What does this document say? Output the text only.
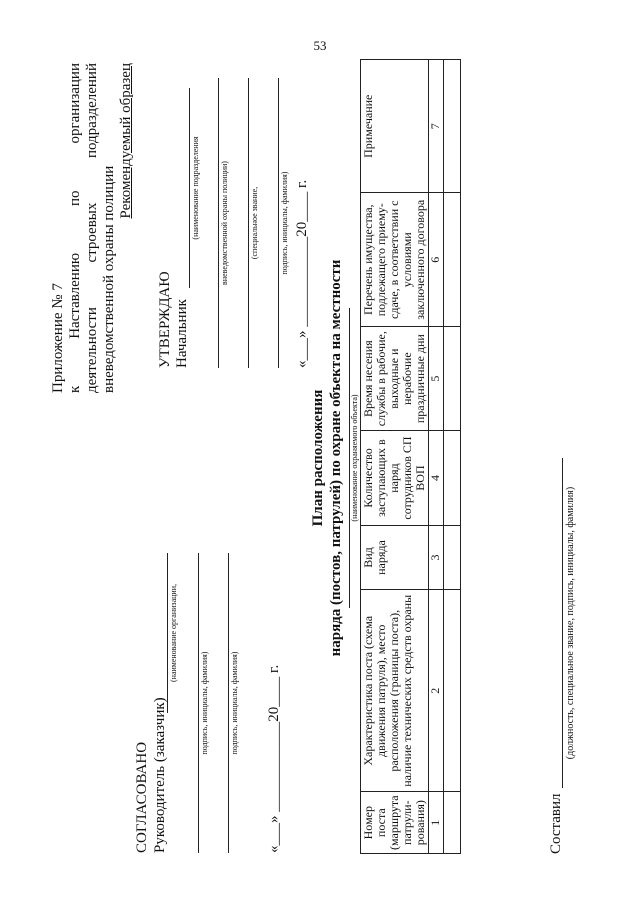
53
Приложение № 7 к Наставлению по организации деятельности строевых подразделений вневедомственной охраны полиции
Рекомендуемый образец
СОГЛАСОВАНО Руководитель (заказчик)
(наименование организации,
подпись, инициалы, фамилия)	подпись, инициалы, фамилия) «___» ____________20____ г.
УТВЕРЖДАЮ Начальник
(наименование подразделения	вневедомственной охраны полиции)	(специальное звание,	подпись, инициалы, фамилия) «___» ____________20____ г.
План расположения наряда (постов, патрулей) по охране объекта на местности (наименование охраняемого объекта)
Номер поста (маршрута патрули-рования)	Характеристика поста (схема движения патруля), место расположения (границы поста), наличие технических средств охраны	Вид наряда	Количество заступающих в наряд сотрудников СП ВОП	Время несения службы в рабочие, выходные и нерабочие праздничные дни	Перечень имущества, подлежащего приему-сдаче, в соответствии с условиями заключенного договора	Примечание
1	2	3	4	5	6	7

Составил
(должность, специальное звание, подпись, инициалы, фамилия)
